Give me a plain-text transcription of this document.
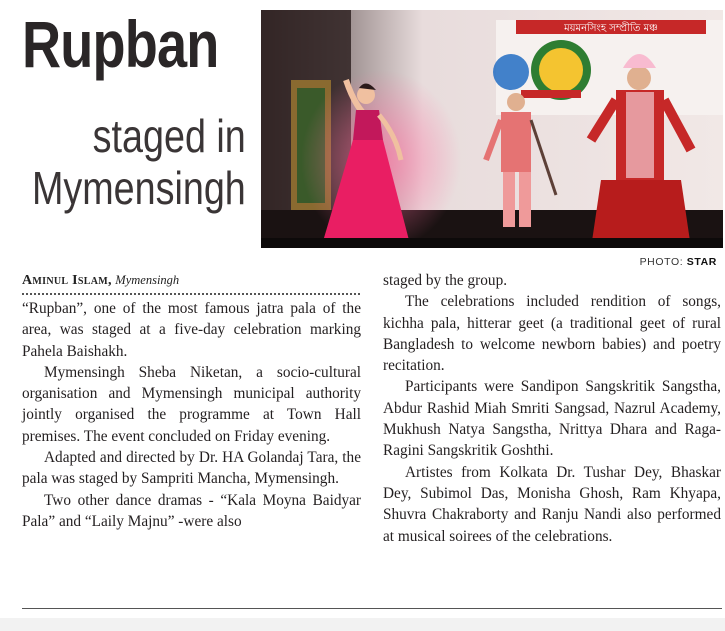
Rupban
staged in
Mymensingh
ময়মনসিংহ সম্প্রীতি মঞ্চ
PHOTO: STAR
Aminul Islam, Mymensingh

“Rupban”, one of the most famous jatra pala of the area, was staged at a five-day celebration marking Pahela Baishakh.

Mymensingh Sheba Niketan, a socio-cultural organisation and Mymensingh municipal authority jointly organised the programme at Town Hall premises. The event concluded on Friday evening.

Adapted and directed by Dr. HA Golandaj Tara, the pala was staged by Sampriti Mancha, Mymensingh.

Two other dance dramas - “Kala Moyna Baidyar Pala” and “Laily Majnu” -were also

staged by the group.

The celebrations included rendition of songs, kichha pala, hitterar geet (a traditional geet of rural Bangladesh to welcome newborn babies) and poetry recitation.

Participants were Sandipon Sangskritik Sangstha, Abdur Rashid Miah Smriti Sangsad, Nazrul Academy, Mukhush Natya Sangstha, Nrittya Dhara and Raga-Ragini Sangskritik Goshthi.

Artistes from Kolkata Dr. Tushar Dey, Bhaskar Dey, Subimol Das, Monisha Ghosh, Ram Khyapa, Shuvra Chakraborty and Ranju Nandi also performed at musical soirees of the celebrations.
